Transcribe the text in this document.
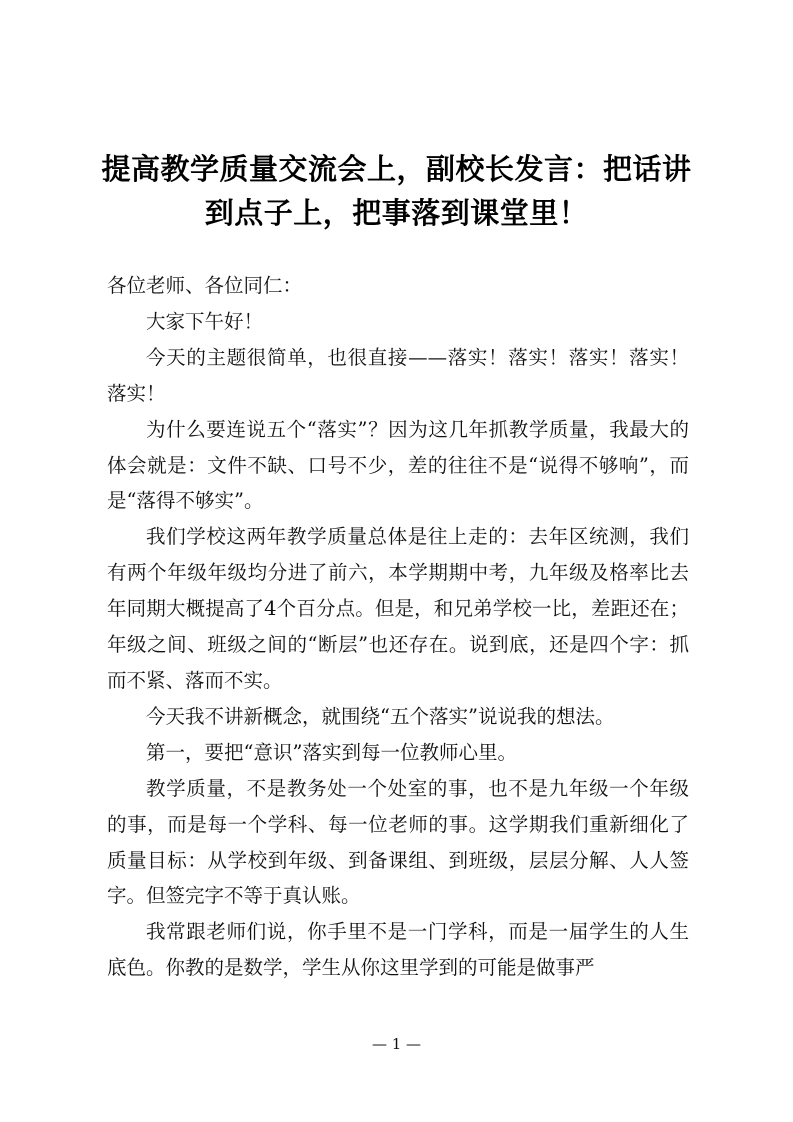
提高教学质量交流会上，副校长发言：把话讲到点子上，把事落到课堂里！

各位老师、各位同仁：

大家下午好！

今天的主题很简单，也很直接——落实！落实！落实！落实！落实！

为什么要连说五个“落实”？因为这几年抓教学质量，我最大的体会就是：文件不缺、口号不少，差的往往不是“说得不够响”，而是“落得不够实”。

我们学校这两年教学质量总体是往上走的：去年区统测，我们有两个年级年级均分进了前六，本学期期中考，九年级及格率比去年同期大概提高了4个百分点。但是，和兄弟学校一比，差距还在；年级之间、班级之间的“断层”也还存在。说到底，还是四个字：抓而不紧、落而不实。

今天我不讲新概念，就围绕“五个落实”说说我的想法。

第一，要把“意识”落实到每一位教师心里。

教学质量，不是教务处一个处室的事，也不是九年级一个年级的事，而是每一个学科、每一位老师的事。这学期我们重新细化了质量目标：从学校到年级、到备课组、到班级，层层分解、人人签字。但签完字不等于真认账。

我常跟老师们说，你手里不是一门学科，而是一届学生的人生底色。你教的是数学，学生从你这里学到的可能是做事严

— 1 —
